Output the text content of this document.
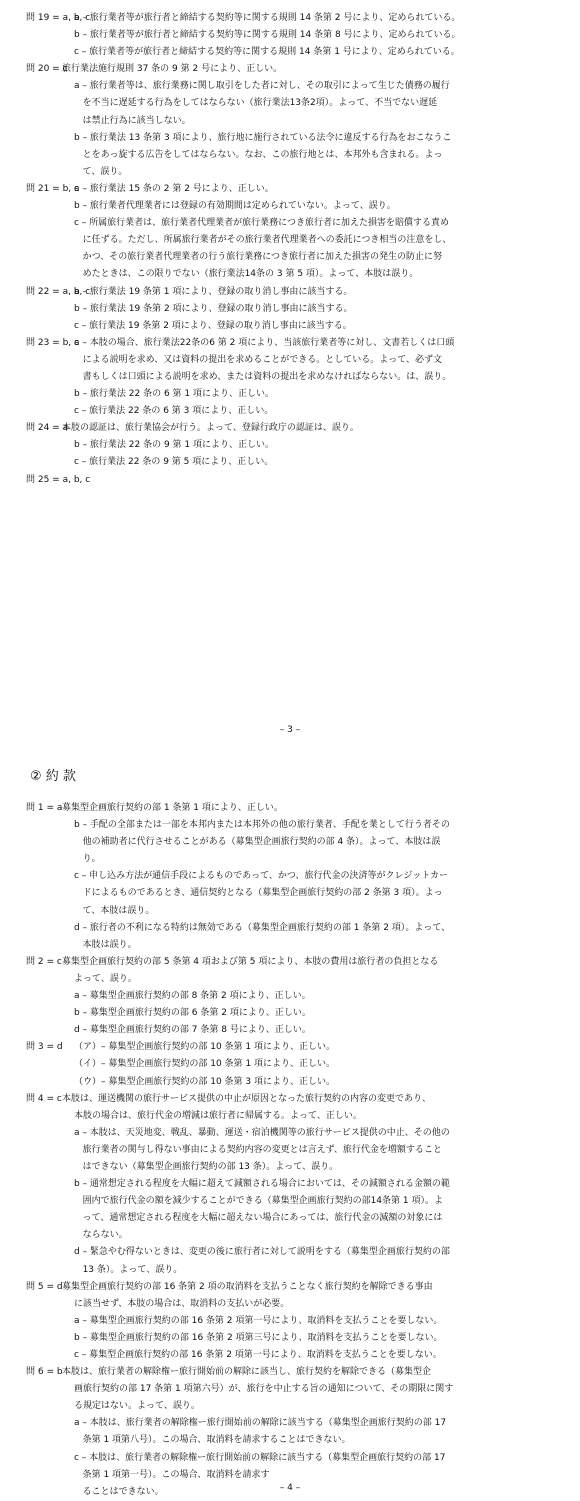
問 19 = a, b, c
a – 旅行業者等が旅行者と締結する契約等に関する規則 14 条第 2 号により、定められている。
b – 旅行業者等が旅行者と締結する契約等に関する規則 14 条第 8 号により、定められている。
c – 旅行業者等が旅行者と締結する契約等に関する規則 14 条第 1 号により、定められている。
問 20 = c
旅行業法施行規則 37 条の 9 第 2 号により、正しい。
a – 旅行業者等は、旅行業務に関し取引をした者に対し、その取引によって生じた債務の履行
を不当に遅延する行為をしてはならない（旅行業法13条2項）。よって、不当でない遅延
は禁止行為に該当しない。
b – 旅行業法 13 条第 3 項により、旅行地に施行されている法令に違反する行為をおこなうこ
とをあっ旋する広告をしてはならない。なお、この旅行地とは、本邦外も含まれる。よっ
て、誤り。
問 21 = b, c
a – 旅行業法 15 条の 2 第 2 号により、正しい。
b – 旅行業者代理業者には登録の有効期間は定められていない。よって、誤り。
c – 所属旅行業者は、旅行業者代理業者が旅行業務につき旅行者に加えた損害を賠償する責め
に任ずる。ただし、所属旅行業者がその旅行業者代理業者への委託につき相当の注意をし、
かつ、その旅行業者代理業者の行う旅行業務につき旅行者に加えた損害の発生の防止に努
めたときは、この限りでない（旅行業法14条の 3 第 5 項）。よって、本肢は誤り。
問 22 = a, b, c
a – 旅行業法 19 条第 1 項により、登録の取り消し事由に該当する。
b – 旅行業法 19 条第 2 項により、登録の取り消し事由に該当する。
c – 旅行業法 19 条第 2 項により、登録の取り消し事由に該当する。
問 23 = b, c
a – 本肢の場合、旅行業法22条の6 第 2 項により、当該旅行業者等に対し、文書若しくは口頭
による説明を求め、又は資料の提出を求めることができる。としている。よって、必ず文
書もしくは口頭による説明を求め、または資料の提出を求めなければならない。は、誤り。
b – 旅行業法 22 条の 6 第 1 項により、正しい。
c – 旅行業法 22 条の 6 第 3 項により、正しい。
問 24 = a
本肢の認証は、旅行業協会が行う。よって、登録行政庁の認証は、誤り。
b – 旅行業法 22 条の 9 第 1 項により、正しい。
c – 旅行業法 22 条の 9 第 5 項により、正しい。
問 25 = a, b, c
– 3 –
② 約 款
問 1 = a 募集型企画旅行契約の部 1 条第 1 項により、正しい。
b – 手配の全部または一部を本邦内または本邦外の他の旅行業者、手配を業として行う者その
他の補助者に代行させることがある（募集型企画旅行契約の部 4 条）。よって、本肢は誤
り。
c – 申し込み方法が通信手段によるものであって、かつ、旅行代金の決済等がクレジットカー
ドによるものであるとき、通信契約となる（募集型企画旅行契約の部 2 条第 3 項）。よっ
て、本肢は誤り。
d – 旅行者の不利になる特約は無効である（募集型企画旅行契約の部 1 条第 2 項）。よって、
本肢は誤り。
問 2 = c 募集型企画旅行契約の部 5 条第 4 項および第 5 項により、本肢の費用は旅行者の負担となる
よって、誤り。
a – 募集型企画旅行契約の部 8 条第 2 項により、正しい。
b – 募集型企画旅行契約の部 6 条第 2 項により、正しい。
d – 募集型企画旅行契約の部 7 条第 8 号により、正しい。
問 3 = d	（ア）– 募集型企画旅行契約の部 10 条第 1 項により、正しい。
（イ）– 募集型企画旅行契約の部 10 条第 1 項により、正しい。
（ウ）– 募集型企画旅行契約の部 10 条第 3 項により、正しい。
問 4 = c 本肢は、運送機関の旅行サービス提供の中止が原因となった旅行契約の内容の変更であり、
本肢の場合は、旅行代金の増減は旅行者に帰属する。よって、正しい。
a – 本肢は、天災地変、戦乱、暴動、運送・宿泊機関等の旅行サービス提供の中止、その他の
旅行業者の関与し得ない事由による契約内容の変更とは言えず、旅行代金を増額すること
はできない（募集型企画旅行契約の部 13 条）。よって、誤り。
b – 通常想定される程度を大幅に超えて減額される場合においては、その減額される金額の範
囲内で旅行代金の額を減少することができる（募集型企画旅行契約の部14条第 1 項）。よ
って、通常想定される程度を大幅に超えない場合にあっては、旅行代金の減額の対象には
ならない。
d – 緊急やむ得ないときは、変更の後に旅行者に対して説明をする（募集型企画旅行契約の部
13 条）。よって、誤り。
問 5 = d 募集型企画旅行契約の部 16 条第 2 項の取消料を支払うことなく旅行契約を解除できる事由
に該当せず、本肢の場合は、取消料の支払いが必要。
a – 募集型企画旅行契約の部 16 条第 2 項第一号により、取消料を支払うことを要しない。
b – 募集型企画旅行契約の部 16 条第 2 項第三号により、取消料を支払うことを要しない。
c – 募集型企画旅行契約の部 16 条第 2 項第一号により、取消料を支払うことを要しない。
問 6 = b 本肢は、旅行業者の解除権ー旅行開始前の解除に該当し、旅行契約を解除できる（募集型企
画旅行契約の部 17 条第 1 項第六号）が、旅行を中止する旨の通知について、その期限に関す
る規定はない。よって、誤り。
a – 本肢は、旅行業者の解除権ー旅行開始前の解除に該当する（募集型企画旅行契約の部 17
条第 1 項第八号）。この場合、取消料を請求することはできない。
c – 本肢は、旅行業者の解除権ー旅行開始前の解除に該当する（募集型企画旅行契約の部 17
条第 1 項第一号）。この場合、取消料を請求す
ることはできない。	– 4 –
